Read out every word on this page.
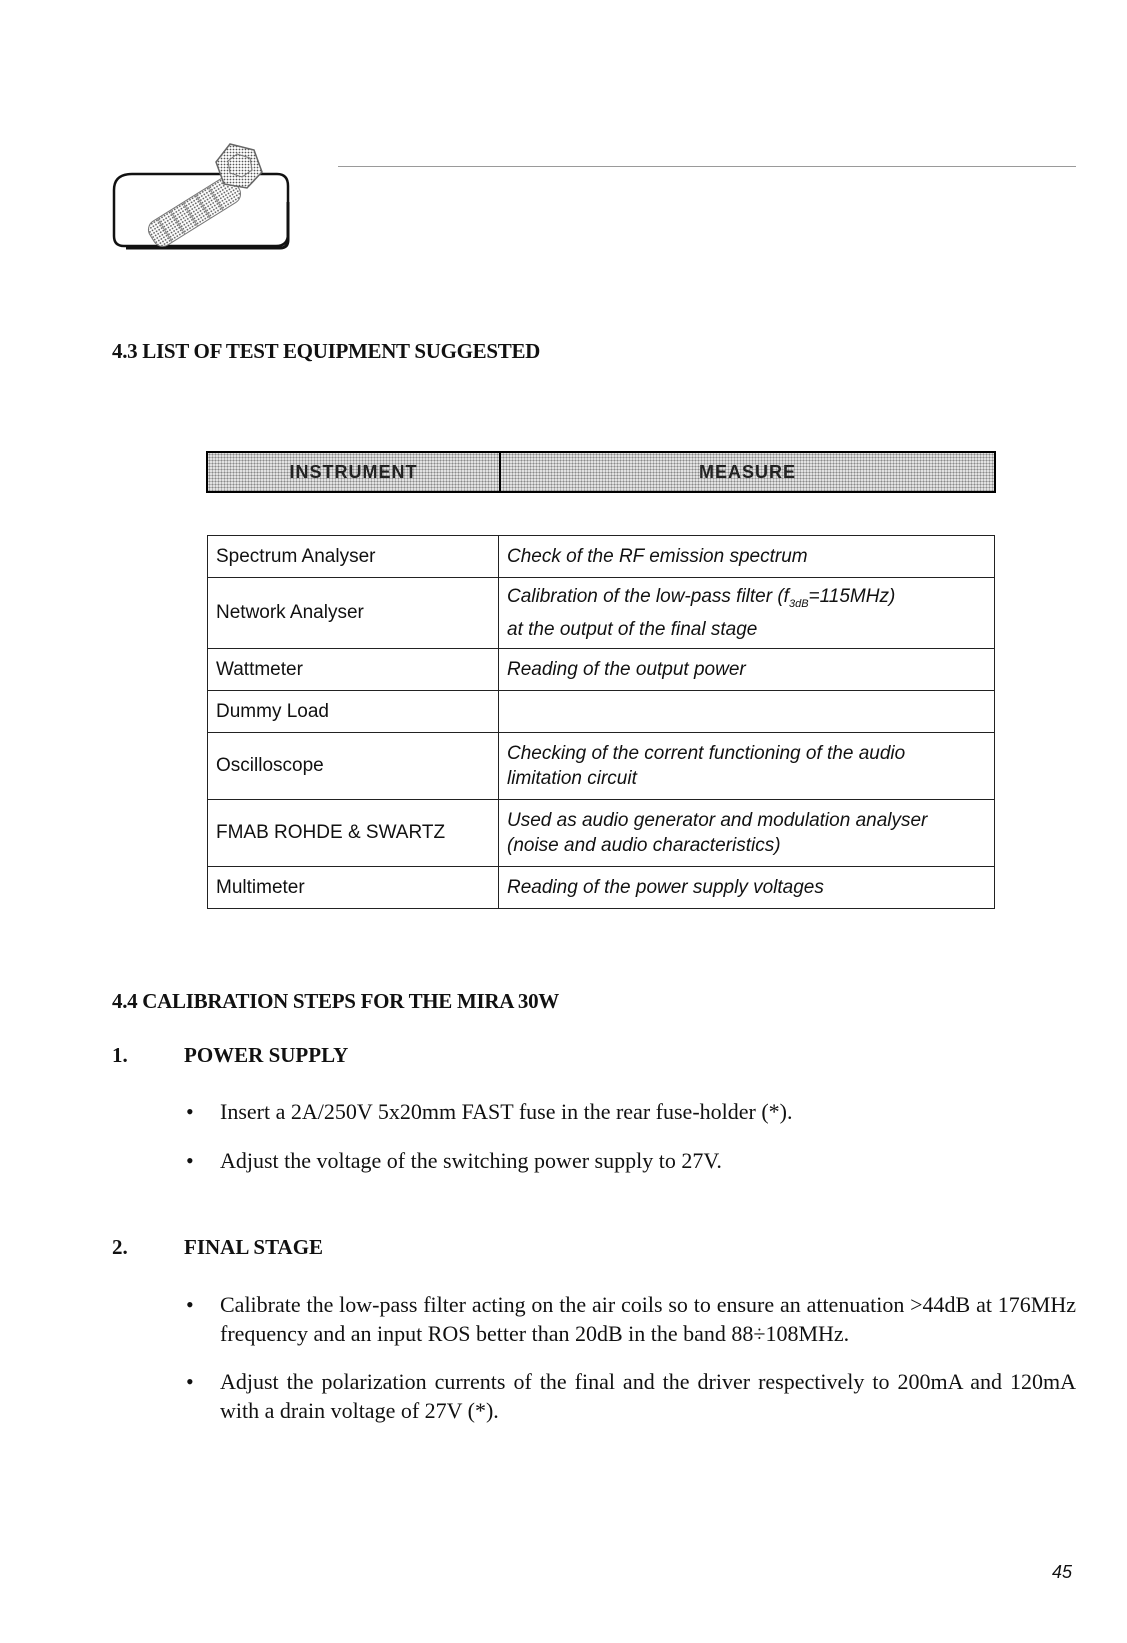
4.3 LIST OF TEST EQUIPMENT SUGGESTED
INSTRUMENT	MEASURE
Spectrum Analyser	Check of the RF emission spectrum
Network Analyser	Calibration of the low-pass filter $(f_{3dB}=115MHz)$
at the output of the final stage
Wattmeter	Reading of the output power
Dummy Load	
Oscilloscope	Checking of the corrent functioning of the audio
limitation circuit
FMAB ROHDE & SWARTZ	Used as audio generator and modulation analyser
(noise and audio characteristics)
Multimeter	Reading of the power supply voltages
4.4 CALIBRATION STEPS FOR THE MIRA 30W
1.	POWER SUPPLY
• Insert a 2A/250V 5x20mm FAST fuse in the rear fuse-holder (*).
• Adjust the voltage of the switching power supply to 27V.
2.	FINAL STAGE
• Calibrate the low-pass filter acting on the air coils so to ensure an attenuation >44dB at 176MHz frequency and an input ROS better than 20dB in the band 88÷108MHz.
• Adjust the polarization currents of the final and the driver respectively to 200mA and 120mA with a drain voltage of 27V (*).
45
